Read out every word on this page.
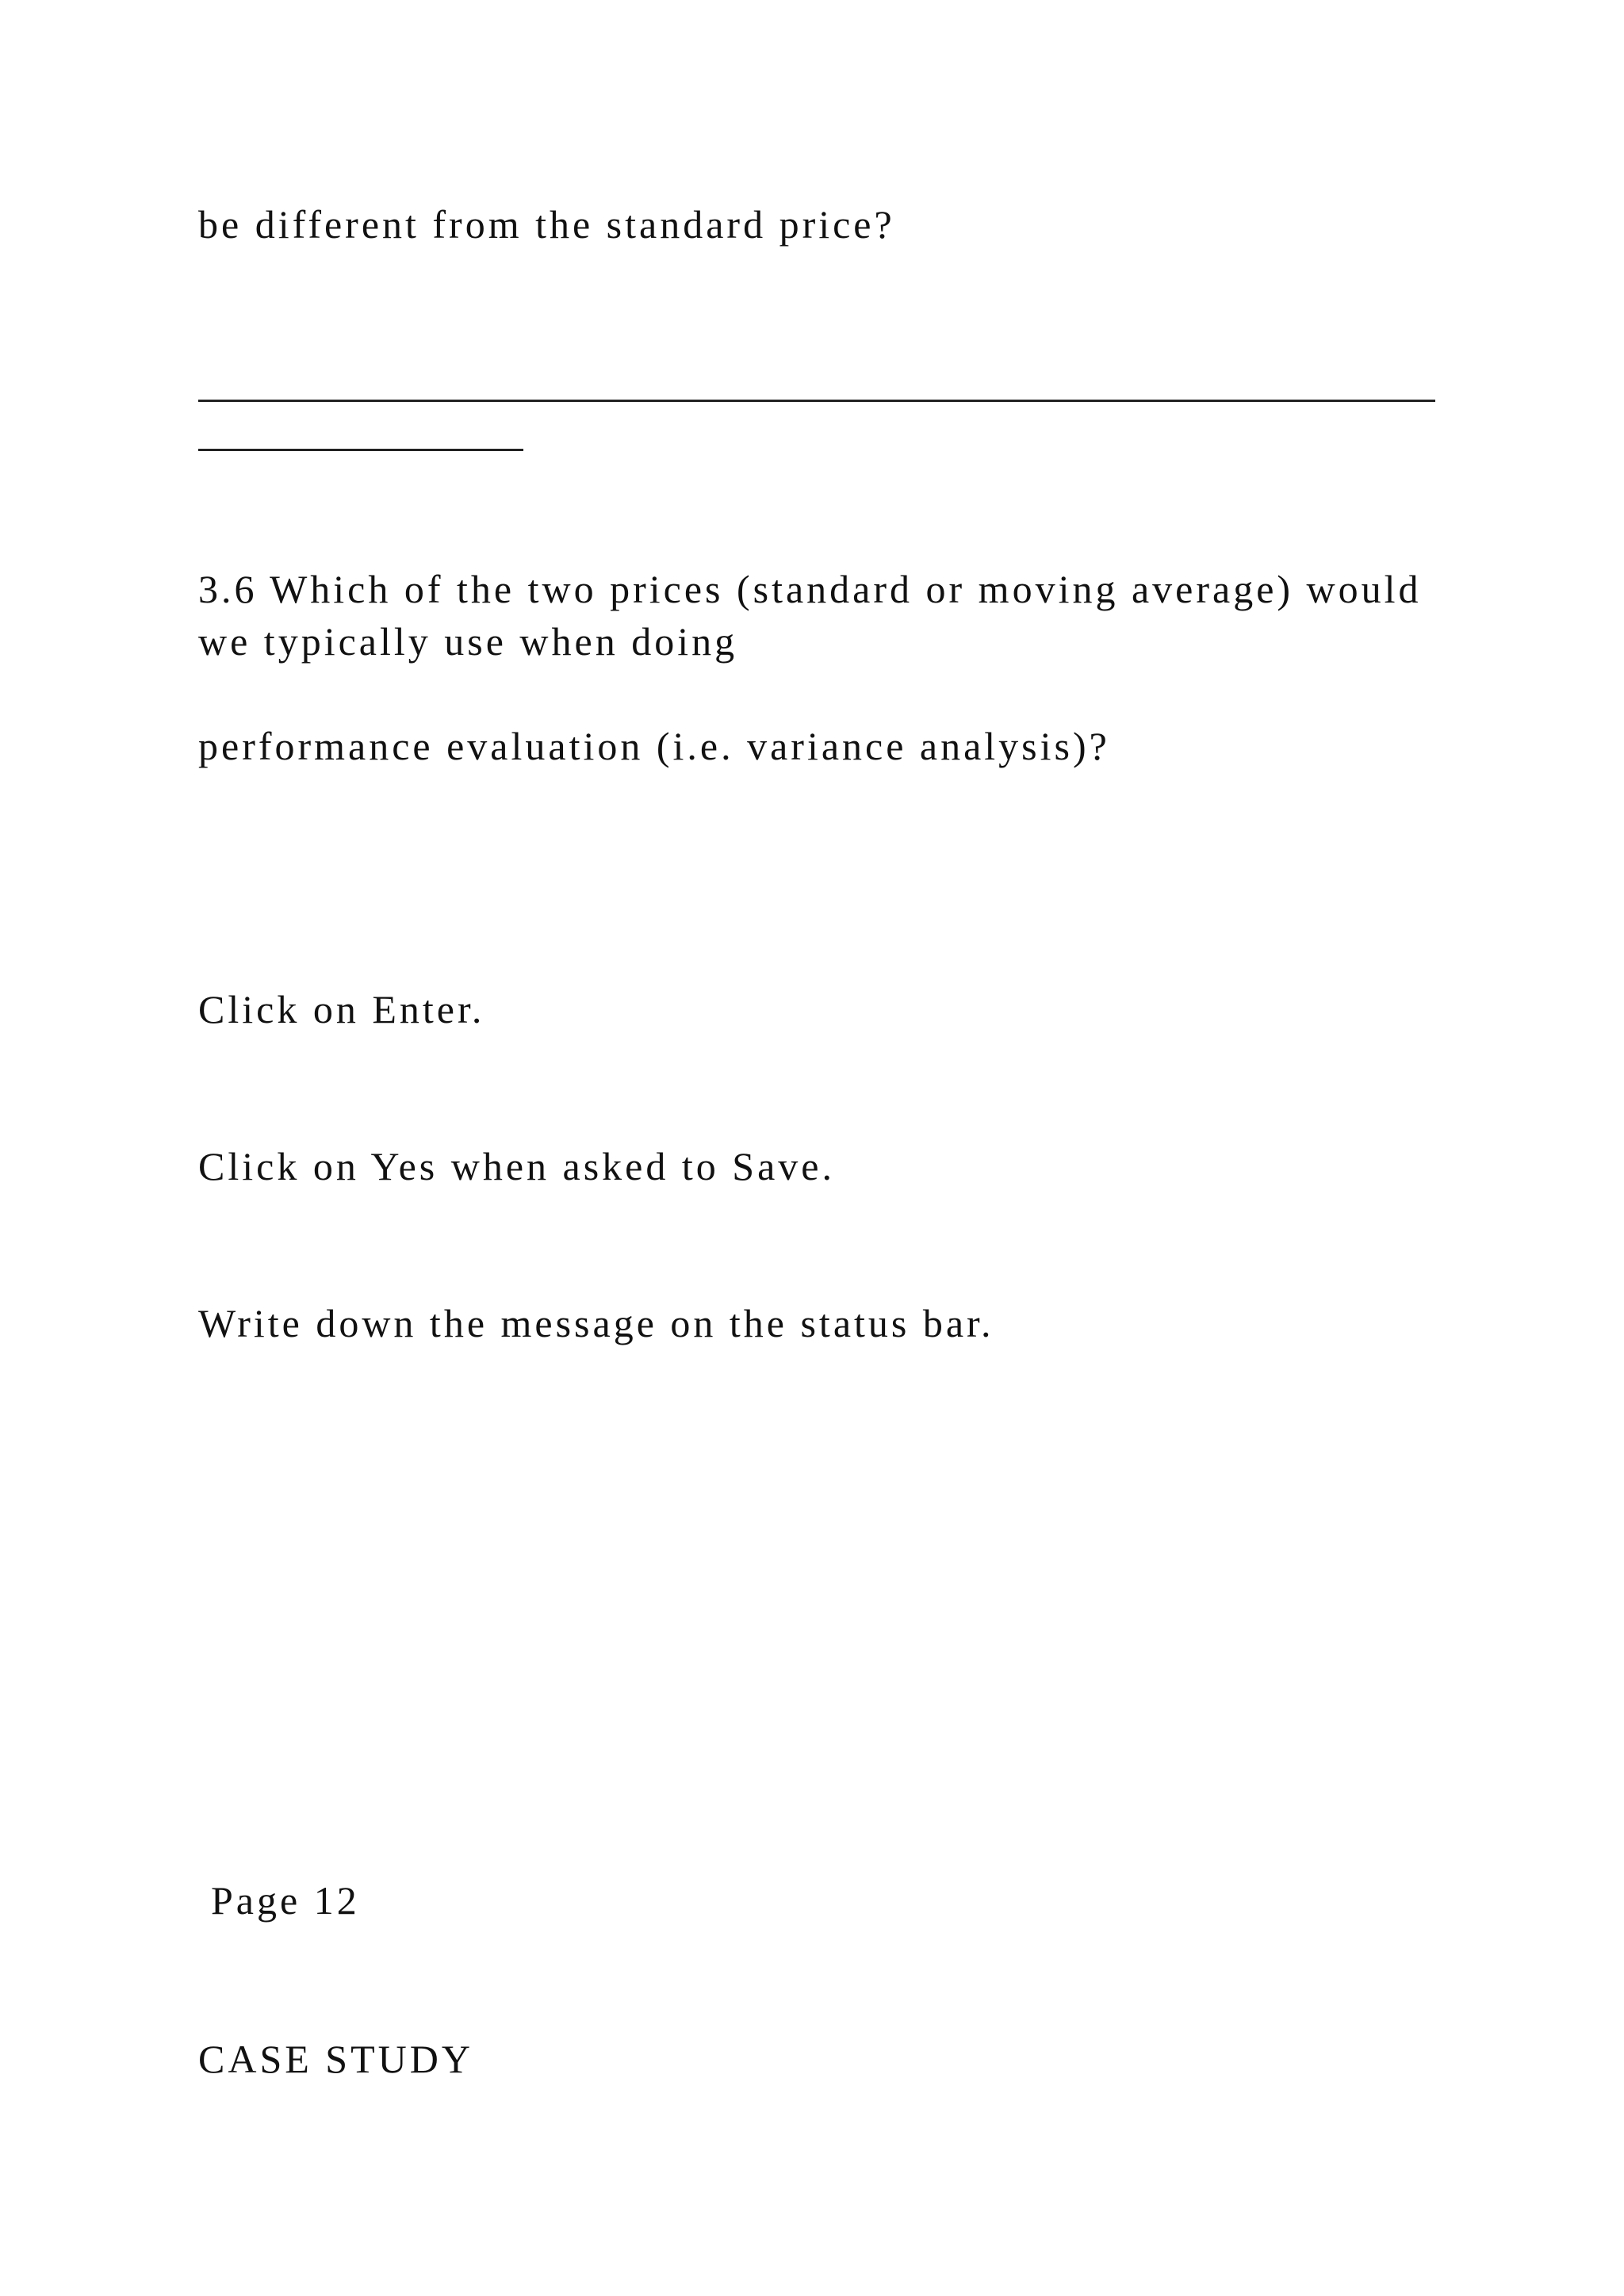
be different from the standard price?
3.6 Which of the two prices (standard or moving average) would
we typically use when doing
performance evaluation (i.e. variance analysis)?
Click on Enter.
Click on Yes when asked to Save.
Write down the message on the status bar.
Page 12
CASE STUDY
